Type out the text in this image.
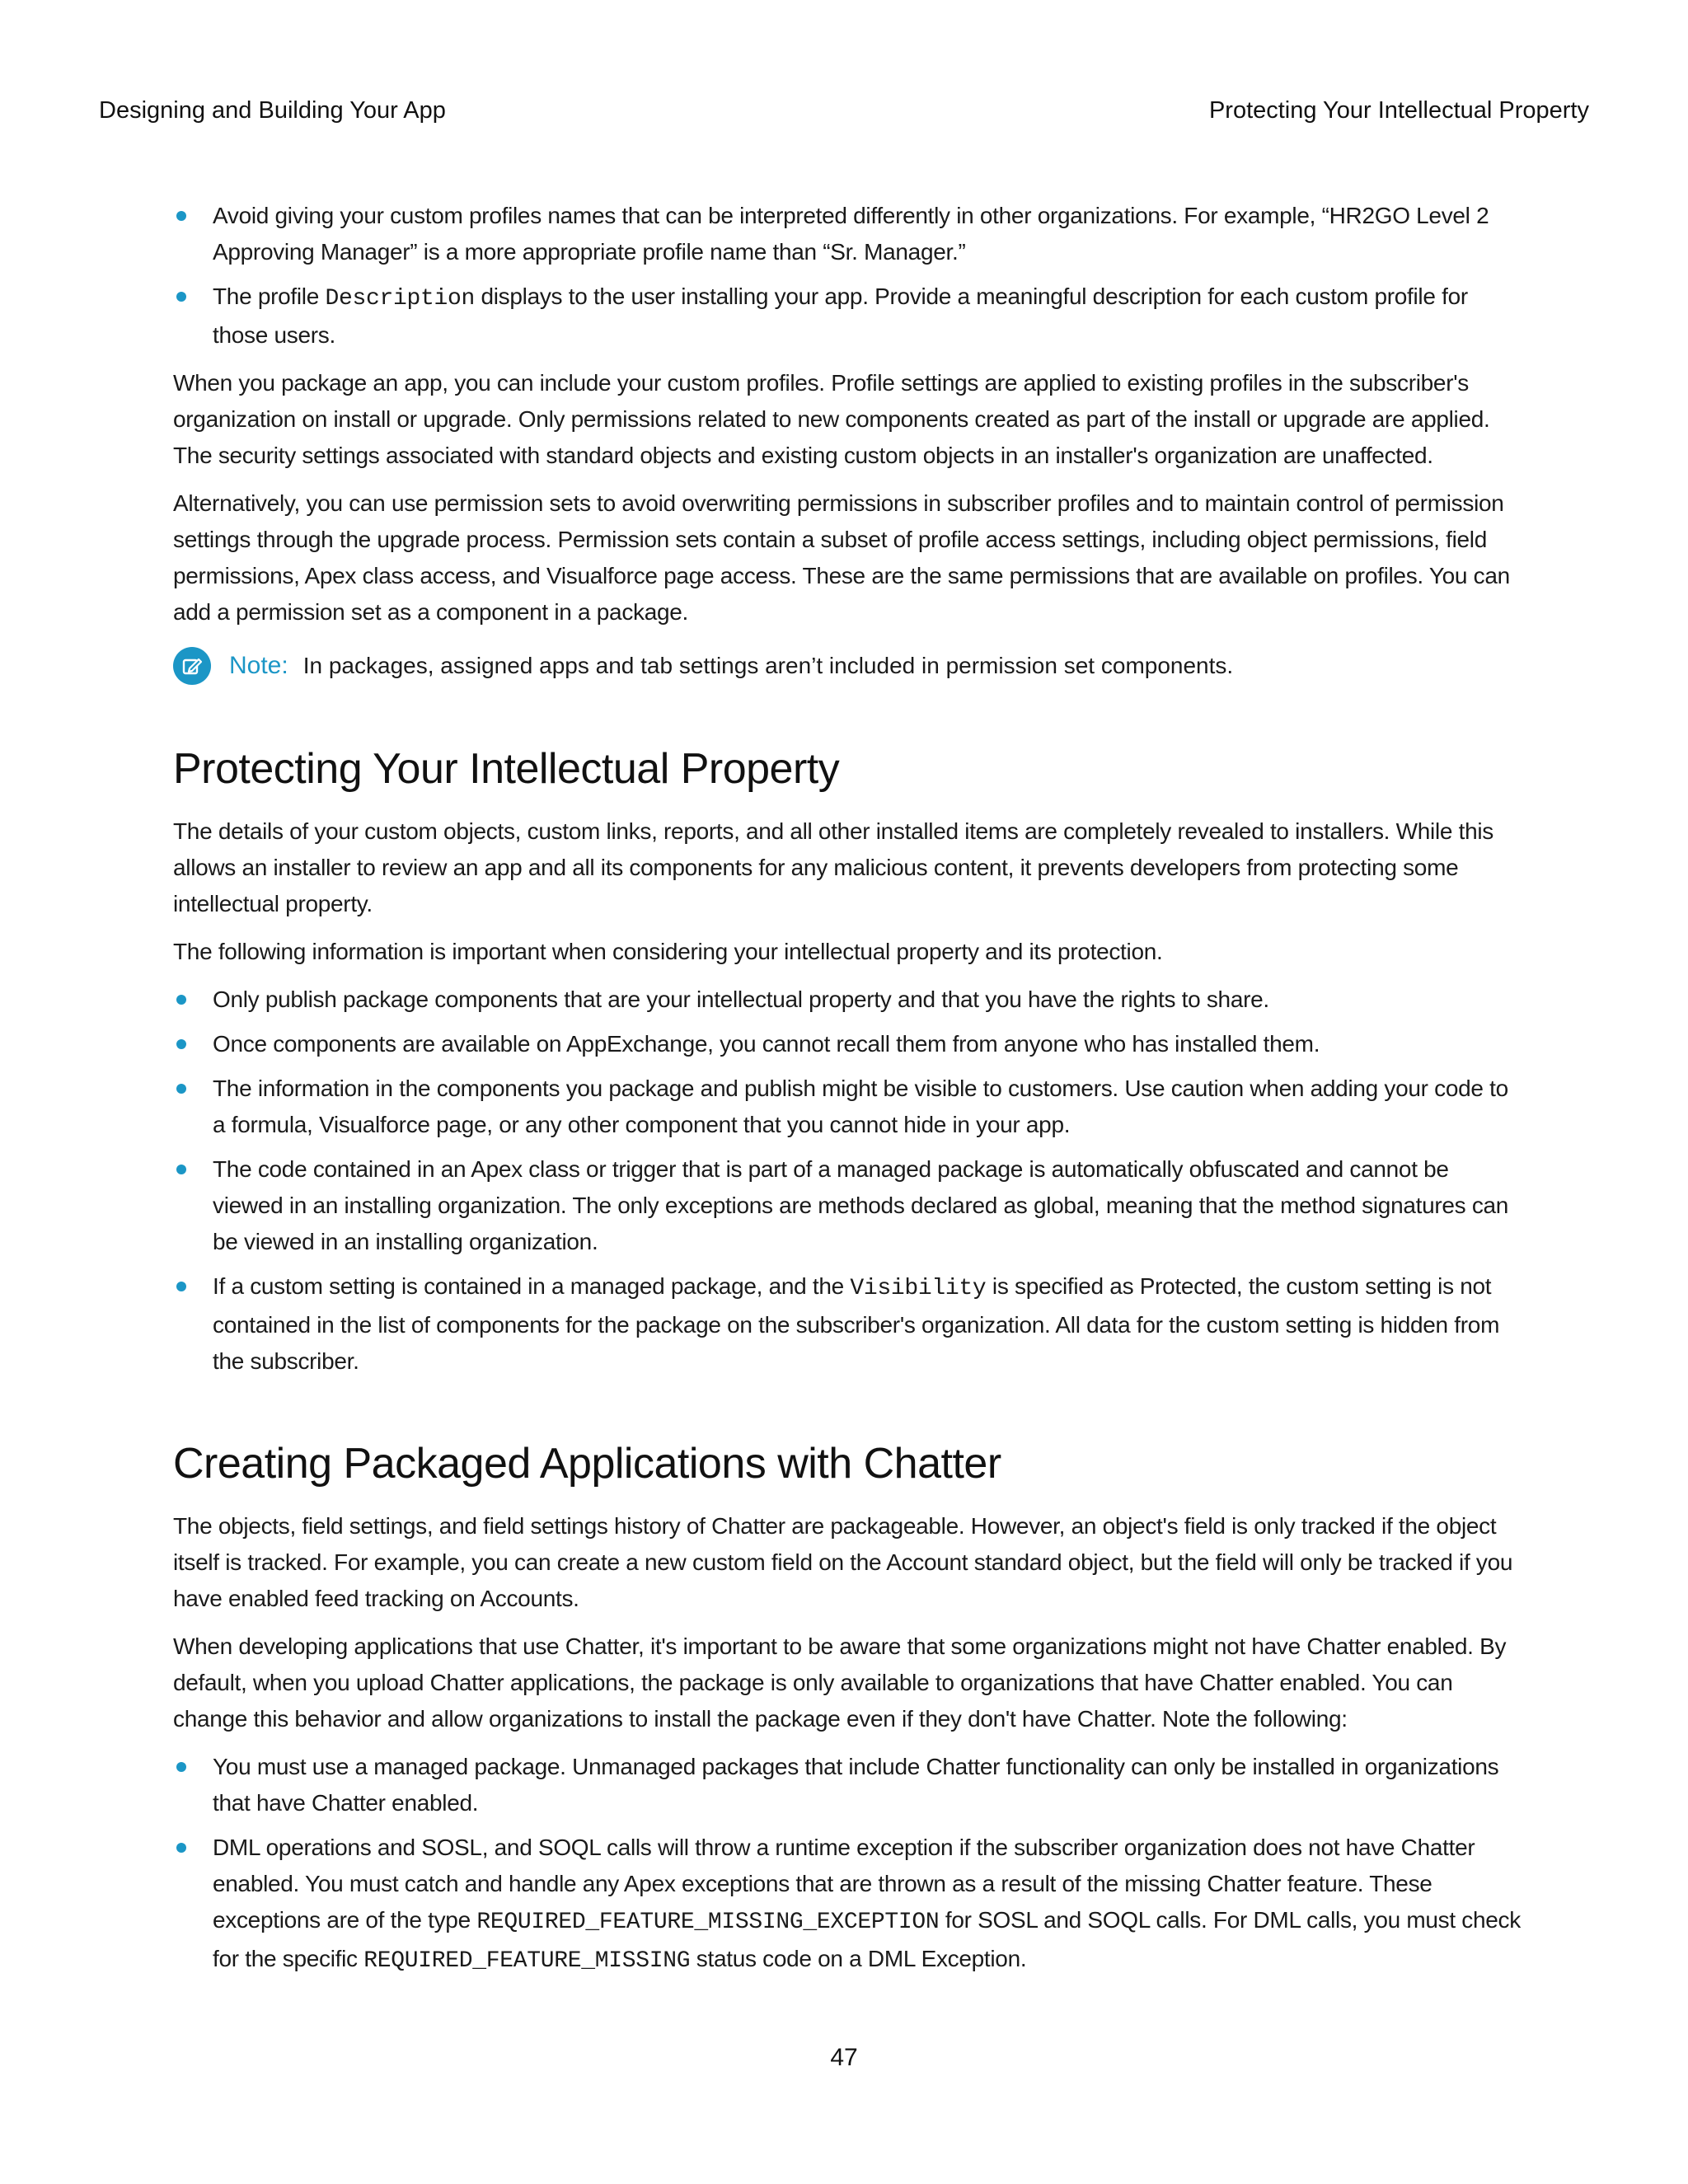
Designing and Building Your App	Protecting Your Intellectual Property
Avoid giving your custom profiles names that can be interpreted differently in other organizations. For example, “HR2GO Level 2 Approving Manager” is a more appropriate profile name than “Sr. Manager.”
The profile Description displays to the user installing your app. Provide a meaningful description for each custom profile for those users.

When you package an app, you can include your custom profiles. Profile settings are applied to existing profiles in the subscriber's organization on install or upgrade. Only permissions related to new components created as part of the install or upgrade are applied. The security settings associated with standard objects and existing custom objects in an installer's organization are unaffected.

Alternatively, you can use permission sets to avoid overwriting permissions in subscriber profiles and to maintain control of permission settings through the upgrade process. Permission sets contain a subset of profile access settings, including object permissions, field permissions, Apex class access, and Visualforce page access. These are the same permissions that are available on profiles. You can add a permission set as a component in a package.

Note: In packages, assigned apps and tab settings aren’t included in permission set components.
Protecting Your Intellectual Property

The details of your custom objects, custom links, reports, and all other installed items are completely revealed to installers. While this allows an installer to review an app and all its components for any malicious content, it prevents developers from protecting some intellectual property.

The following information is important when considering your intellectual property and its protection.

Only publish package components that are your intellectual property and that you have the rights to share.
Once components are available on AppExchange, you cannot recall them from anyone who has installed them.
The information in the components you package and publish might be visible to customers. Use caution when adding your code to a formula, Visualforce page, or any other component that you cannot hide in your app.
The code contained in an Apex class or trigger that is part of a managed package is automatically obfuscated and cannot be viewed in an installing organization. The only exceptions are methods declared as global, meaning that the method signatures can be viewed in an installing organization.
If a custom setting is contained in a managed package, and the Visibility is specified as Protected, the custom setting is not contained in the list of components for the package on the subscriber's organization. All data for the custom setting is hidden from the subscriber.
Creating Packaged Applications with Chatter

The objects, field settings, and field settings history of Chatter are packageable. However, an object's field is only tracked if the object itself is tracked. For example, you can create a new custom field on the Account standard object, but the field will only be tracked if you have enabled feed tracking on Accounts.

When developing applications that use Chatter, it's important to be aware that some organizations might not have Chatter enabled. By default, when you upload Chatter applications, the package is only available to organizations that have Chatter enabled. You can change this behavior and allow organizations to install the package even if they don't have Chatter. Note the following:

You must use a managed package. Unmanaged packages that include Chatter functionality can only be installed in organizations that have Chatter enabled.
DML operations and SOSL, and SOQL calls will throw a runtime exception if the subscriber organization does not have Chatter enabled. You must catch and handle any Apex exceptions that are thrown as a result of the missing Chatter feature. These exceptions are of the type REQUIRED_FEATURE_MISSING_EXCEPTION for SOSL and SOQL calls. For DML calls, you must check for the specific REQUIRED_FEATURE_MISSING status code on a DML Exception.
47
